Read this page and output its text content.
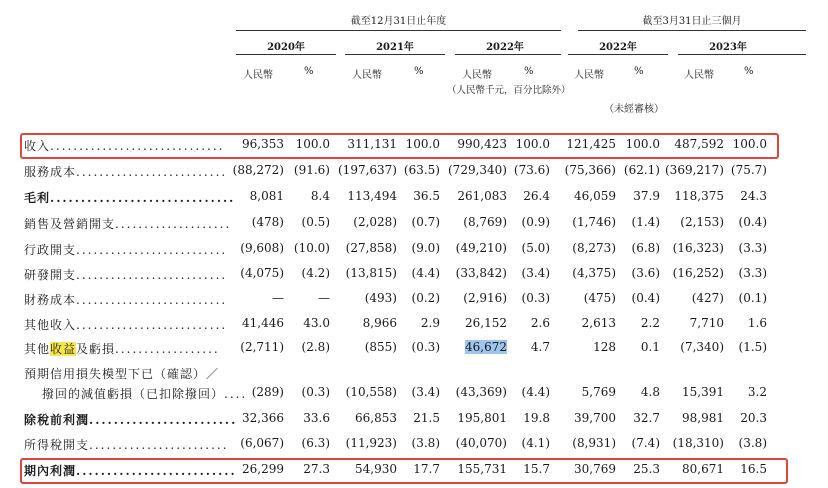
截至12月31日止年度	截至3月31日止三個月
2020年	2021年	2022年	2022年	2023年
人民幣	%	人民幣	%	人民幣	%
（人民幣千元，百分比除外）
人民幣	%	人民幣	%
（未經審核）
收入.............................. 96,353 100.0 311,131 100.0 990,423 100.0 121,425 100.0 487,592 100.0
服務成本.......................... (88,272) (91.6) (197,637) (63.5) (729,340) (73.6) (75,366) (62.1) (369,217) (75.7)
毛利.............................. 8,081 8.4 113,494 36.5 261,083 26.4 46,059 37.9 118,375 24.3
銷售及營銷開支.................... (478) (0.5) (2,028) (0.7) (8,769) (0.9) (1,746) (1.4) (2,153) (0.4)
行政開支.......................... (9,608) (10.0) (27,858) (9.0) (49,210) (5.0) (8,273) (6.8) (16,323) (3.3)
研發開支.......................... (4,075) (4.2) (13,815) (4.4) (33,842) (3.4) (4,375) (3.6) (16,252) (3.3)
財務成本..........................	—	—	(493) (0.2) (2,916) (0.3)	(475) (0.4)	(427) (0.1)
其他收入.......................... 41,446 43.0	8,966 2.9 26,152 2.6	2,613 2.2 7,710 1.6
其他收益及虧損.................. (2,711) (2.8)	(855) (0.3) 46,672 4.7	128 0.1 (7,340) (1.5)
預期信用損失模型下已（確認）／
撥回的減值虧損（已扣除撥回）.... (289) (0.3) (10,558) (3.4) (43,369) (4.4)	5,769 4.8 15,391 3.2
除稅前利潤........................ 32,366 33.6 66,853 21.5 195,801 19.8 39,700 32.7 98,981 20.3
所得稅開支........................ (6,067) (6.3) (11,923) (3.8) (40,070) (4.1) (8,931) (7.4) (18,310) (3.8)
期內利潤.......................... 26,299 27.3 54,930 17.7 155,731 15.7 30,769 25.3 80,671 16.5
